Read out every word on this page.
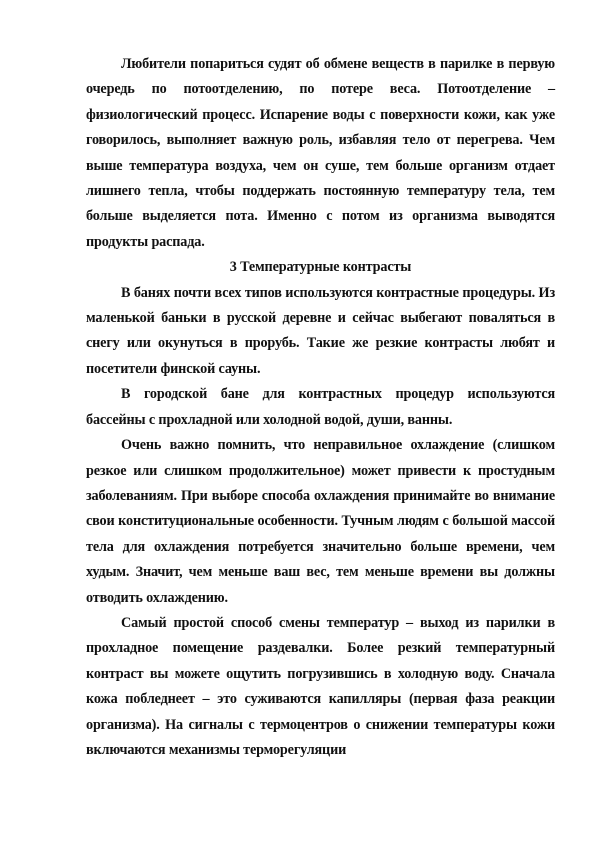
Любители попариться судят об обмене веществ в парилке в первую очередь по потоотделению, по потере веса. Потоотделение – физиологический процесс. Испарение воды с поверхности кожи, как уже говорилось, выполняет важную роль, избавляя тело от перегрева. Чем выше температура воздуха, чем он суше, тем больше организм отдает лишнего тепла, чтобы поддержать постоянную температуру тела, тем больше выделяется пота. Именно с потом из организма выводятся продукты распада.

3 Температурные контрасты

В банях почти всех типов используются контрастные процедуры. Из маленькой баньки в русской деревне и сейчас выбегают поваляться в снегу или окунуться в прорубь. Такие же резкие контрасты любят и посетители финской сауны.

В городской бане для контрастных процедур используются бассейны с прохладной или холодной водой, души, ванны.

Очень важно помнить, что неправильное охлаждение (слишком резкое или слишком продолжительное) может привести к простудным заболеваниям. При выборе способа охлаждения принимайте во внимание свои конституциональные особенности. Тучным людям с большой массой тела для охлаждения потребуется значительно больше времени, чем худым. Значит, чем меньше ваш вес, тем меньше времени вы должны отводить охлаждению.

Самый простой способ смены температур – выход из парилки в прохладное помещение раздевалки. Более резкий температурный контраст вы можете ощутить погрузившись в холодную воду. Сначала кожа побледнеет – это суживаются капилляры (первая фаза реакции организма). На сигналы с термоцентров о снижении температуры кожи включаются механизмы терморегуляции
